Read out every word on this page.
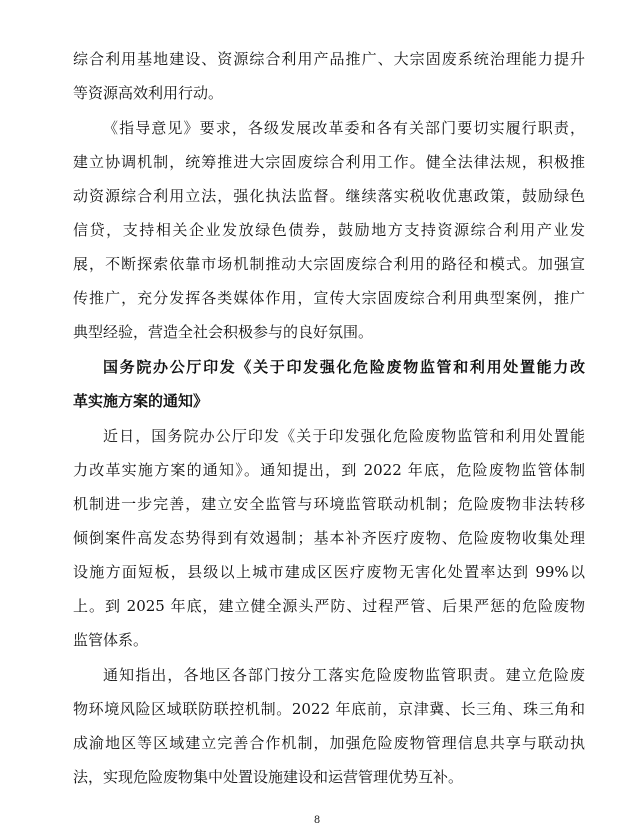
综合利用基地建设、资源综合利用产品推广、大宗固废系统治理能力提升
等资源高效利用行动。
《指导意见》要求，各级发展改革委和各有关部门要切实履行职责，
建立协调机制，统筹推进大宗固废综合利用工作。健全法律法规，积极推
动资源综合利用立法，强化执法监督。继续落实税收优惠政策，鼓励绿色
信贷，支持相关企业发放绿色债券，鼓励地方支持资源综合利用产业发
展，不断探索依靠市场机制推动大宗固废综合利用的路径和模式。加强宣
传推广，充分发挥各类媒体作用，宣传大宗固废综合利用典型案例，推广
典型经验，营造全社会积极参与的良好氛围。
国务院办公厅印发《关于印发强化危险废物监管和利用处置能力改
革实施方案的通知》
近日，国务院办公厅印发《关于印发强化危险废物监管和利用处置能
力改革实施方案的通知》。通知提出，到 2022 年底，危险废物监管体制
机制进一步完善，建立安全监管与环境监管联动机制；危险废物非法转移
倾倒案件高发态势得到有效遏制；基本补齐医疗废物、危险废物收集处理
设施方面短板，县级以上城市建成区医疗废物无害化处置率达到 99%以
上。到 2025 年底，建立健全源头严防、过程严管、后果严惩的危险废物
监管体系。
通知指出，各地区各部门按分工落实危险废物监管职责。建立危险废
物环境风险区域联防联控机制。2022 年底前，京津冀、长三角、珠三角和
成渝地区等区域建立完善合作机制，加强危险废物管理信息共享与联动执
法，实现危险废物集中处置设施建设和运营管理优势互补。
8
